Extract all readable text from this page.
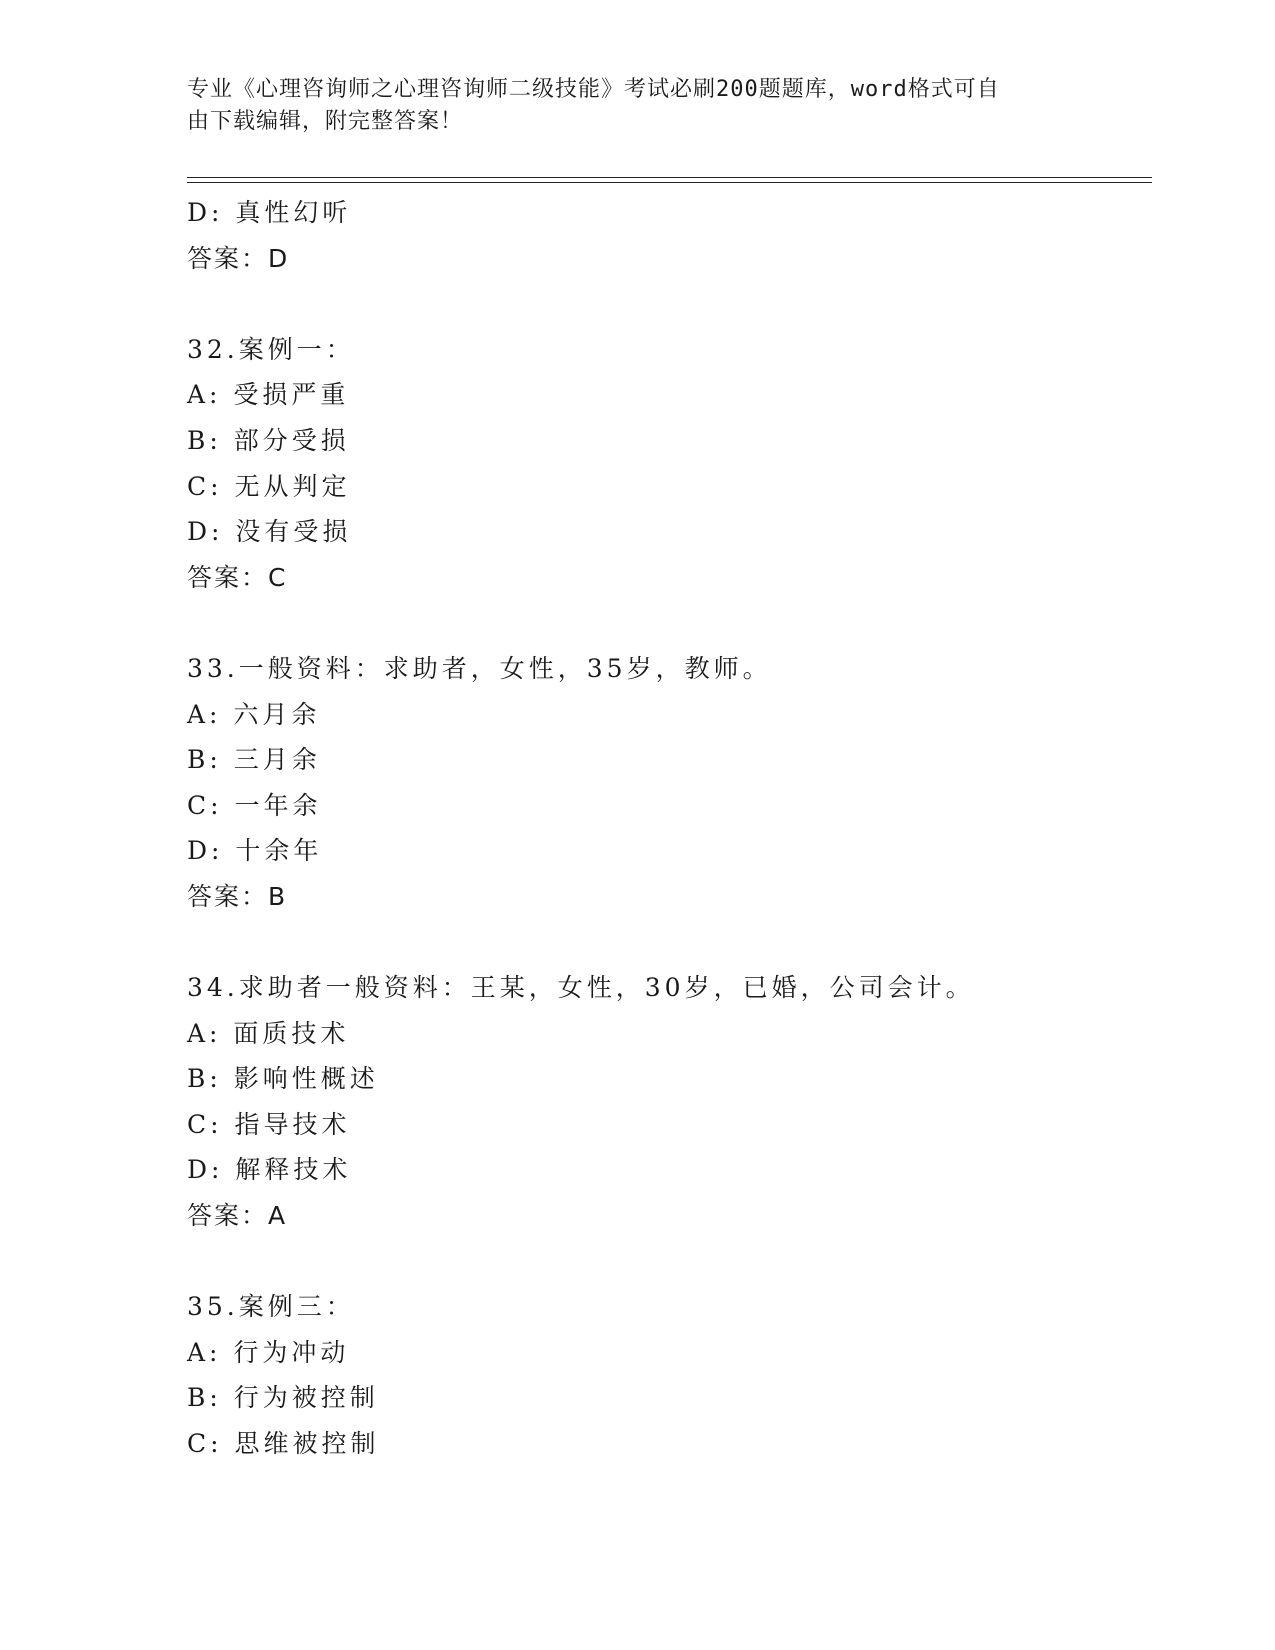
专业《心理咨询师之心理咨询师二级技能》考试必刷200题题库，word格式可自
由下载编辑，附完整答案！
D: 真性幻听
答案：D
32.案例一：
A: 受损严重
B: 部分受损
C: 无从判定
D: 没有受损
答案：C
33.一般资料：求助者，女性，35岁，教师。
A: 六月余
B: 三月余
C: 一年余
D: 十余年
答案：B
34.求助者一般资料：王某，女性，30岁，已婚，公司会计。
A: 面质技术
B: 影响性概述
C: 指导技术
D: 解释技术
答案：A
35.案例三：
A: 行为冲动
B: 行为被控制
C: 思维被控制
